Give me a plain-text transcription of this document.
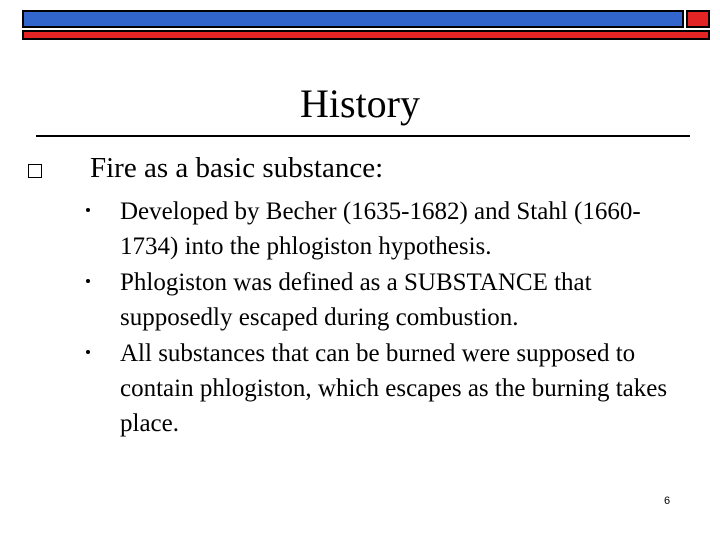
History
Fire as a basic substance:
Developed by Becher (1635-1682) and Stahl (1660-1734) into the phlogiston hypothesis.
Phlogiston was defined as a SUBSTANCE that supposedly escaped during combustion.
All substances that can be burned were supposed to contain phlogiston, which escapes as the burning takes place.
6
